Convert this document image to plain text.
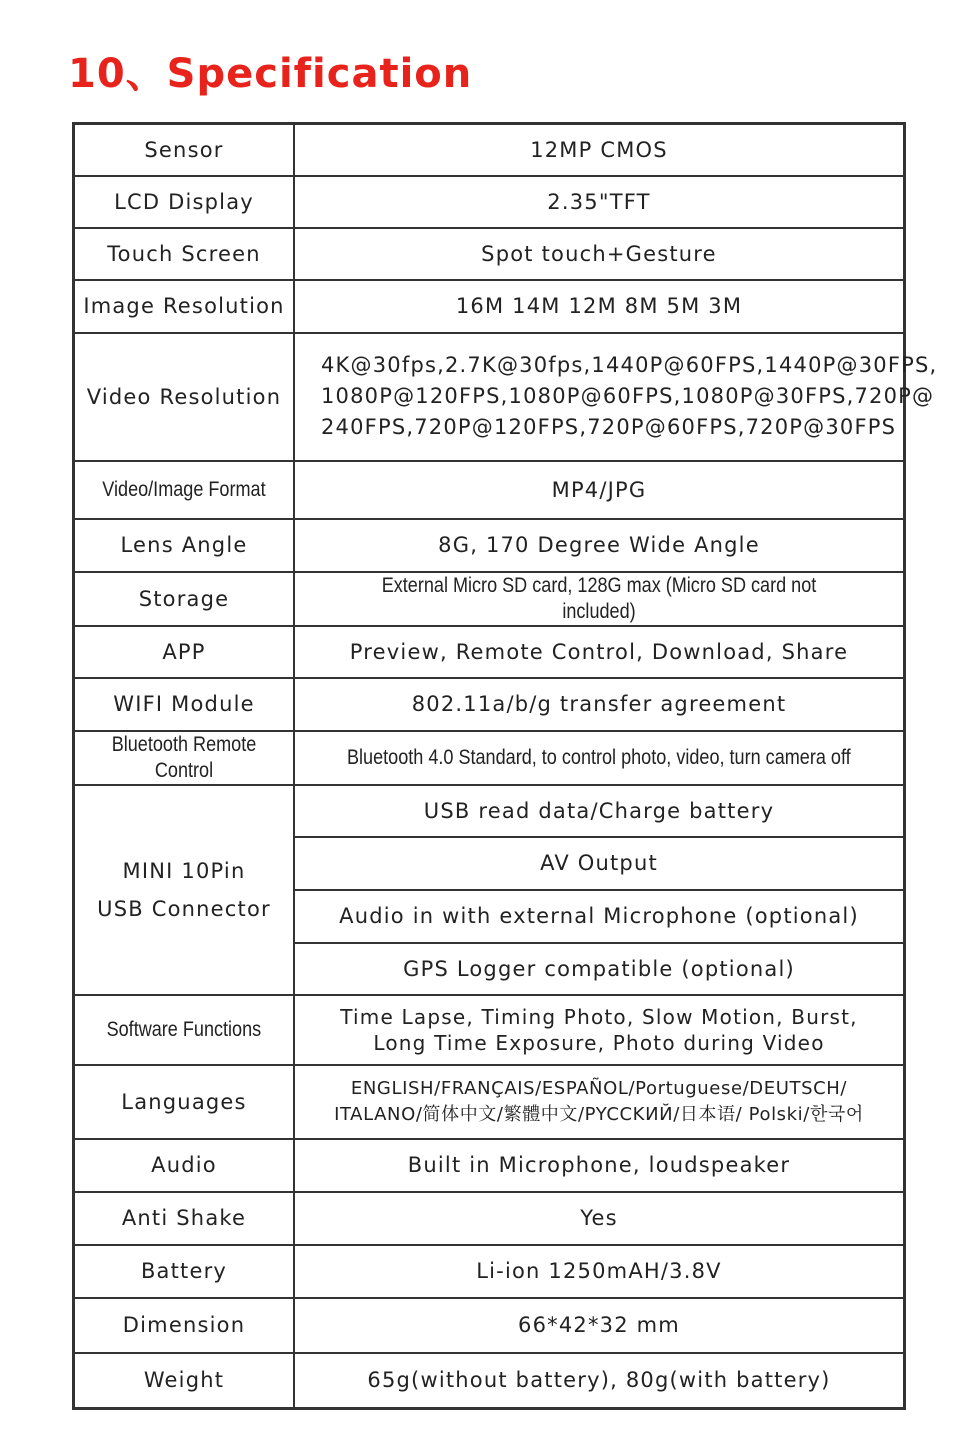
10、Specification
Sensor	12MP CMOS
LCD Display	2.35"TFT
Touch Screen	Spot touch+Gesture
Image Resolution	16M 14M 12M 8M 5M 3M
Video Resolution	4K@30fps,2.7K@30fps,1440P@60FPS,1440P@30FPS,
1080P@120FPS,1080P@60FPS,1080P@30FPS,720P@
240FPS,720P@120FPS,720P@60FPS,720P@30FPS

Video/Image Format	MP4/JPG
Lens Angle	8G, 170 Degree Wide Angle
Storage	External Micro SD card, 128G max (Micro SD card not included)
APP	Preview, Remote Control, Download, Share
WIFI Module	802.11a/b/g transfer agreement
Bluetooth Remote Control	Bluetooth 4.0 Standard, to control photo, video, turn camera off

MINI 10Pin
USB Connector	USB read data/Charge battery
	AV Output
	Audio in with external Microphone (optional)
	GPS Logger compatible (optional)
Software Functions	Time Lapse, Timing Photo, Slow Motion, Burst,
Long Time Exposure, Photo during Video

Languages	ENGLISH/FRANÇAIS/ESPAÑOL/Portuguese/DEUTSCH/
ITALANO/简体中文/繁體中文/PYCCKИЙ/日本语/ Polski/한국어

Audio	Built in Microphone, loudspeaker
Anti Shake	Yes
Battery	Li-ion 1250mAH/3.8V
Dimension	66*42*32 mm
Weight	65g(without battery), 80g(with battery)
